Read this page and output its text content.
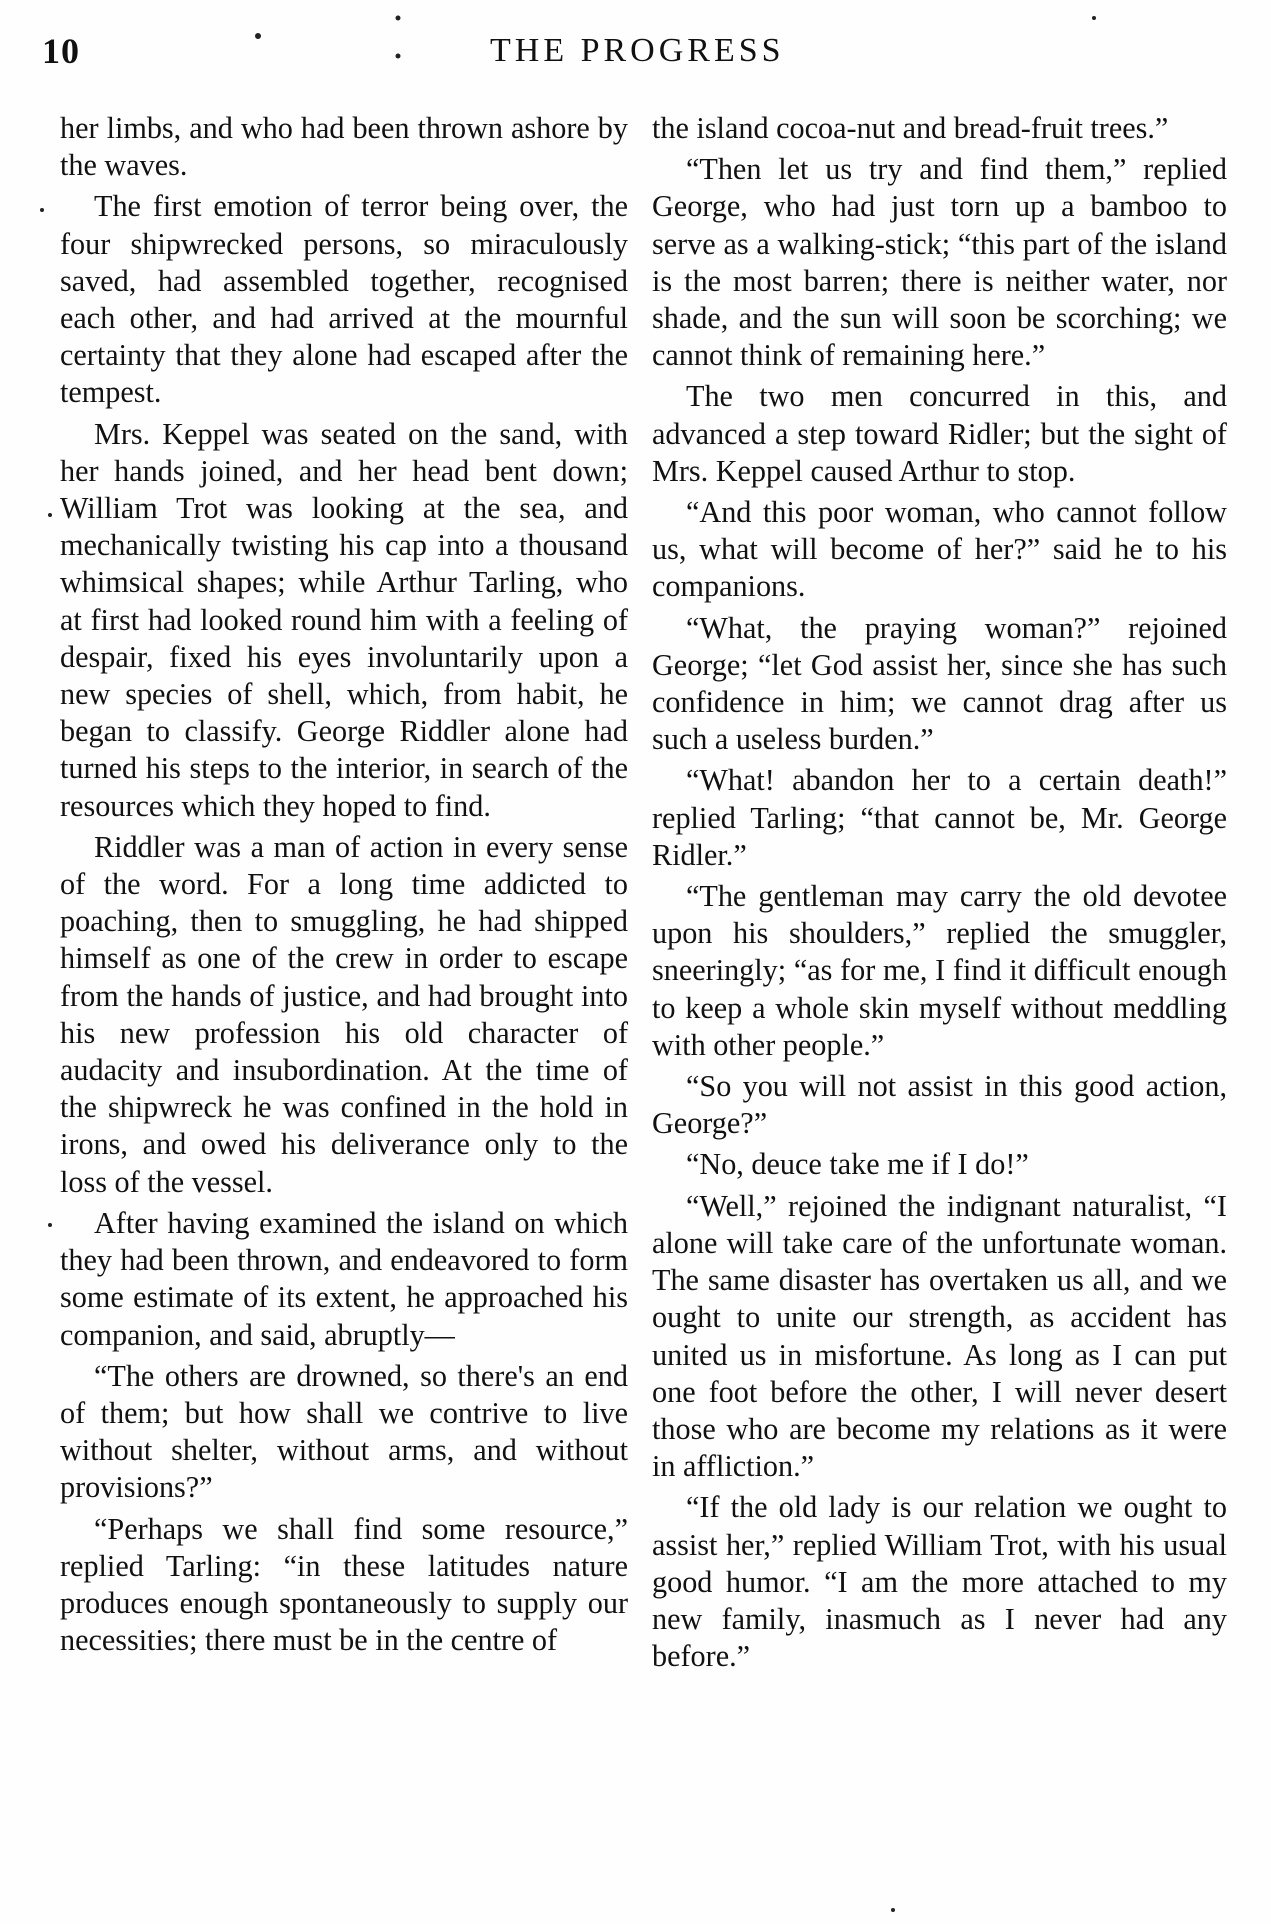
10	THE PROGRESS

her limbs, and who had been thrown ashore by the waves.

The first emotion of terror being over, the four shipwrecked persons, so miraculously saved, had assembled together, recognised each other, and had arrived at the mournful certainty that they alone had escaped after the tempest.

Mrs. Keppel was seated on the sand, with her hands joined, and her head bent down; William Trot was looking at the sea, and mechanically twisting his cap into a thousand whimsical shapes; while Arthur Tarling, who at first had looked round him with a feeling of despair, fixed his eyes involuntarily upon a new species of shell, which, from habit, he began to classify. George Riddler alone had turned his steps to the interior, in search of the resources which they hoped to find.

Riddler was a man of action in every sense of the word. For a long time addicted to poaching, then to smuggling, he had shipped himself as one of the crew in order to escape from the hands of justice, and had brought into his new profession his old character of audacity and insubordination. At the time of the shipwreck he was confined in the hold in irons, and owed his deliverance only to the loss of the vessel.

After having examined the island on which they had been thrown, and endeavored to form some estimate of its extent, he approached his companion, and said, abruptly—

“The others are drowned, so there's an end of them; but how shall we contrive to live without shelter, without arms, and without provisions?”

“Perhaps we shall find some resource,” replied Tarling: “in these latitudes nature produces enough spontaneously to supply our necessities; there must be in the centre of

the island cocoa-nut and bread-fruit trees.”

“Then let us try and find them,” replied George, who had just torn up a bamboo to serve as a walking-stick; “this part of the island is the most barren; there is neither water, nor shade, and the sun will soon be scorching; we cannot think of remaining here.”

The two men concurred in this, and advanced a step toward Ridler; but the sight of Mrs. Keppel caused Arthur to stop.

“And this poor woman, who cannot follow us, what will become of her?” said he to his companions.

“What, the praying woman?” rejoined George; “let God assist her, since she has such confidence in him; we cannot drag after us such a useless burden.”

“What! abandon her to a certain death!” replied Tarling; “that cannot be, Mr. George Ridler.”

“The gentleman may carry the old devotee upon his shoulders,” replied the smuggler, sneeringly; “as for me, I find it difficult enough to keep a whole skin myself without meddling with other people.”

“So you will not assist in this good action, George?”

“No, deuce take me if I do!”

“Well,” rejoined the indignant naturalist, “I alone will take care of the unfortunate woman. The same disaster has overtaken us all, and we ought to unite our strength, as accident has united us in misfortune. As long as I can put one foot before the other, I will never desert those who are become my relations as it were in affliction.”

“If the old lady is our relation we ought to assist her,” replied William Trot, with his usual good humor. “I am the more attached to my new family, inasmuch as I never had any before.”
